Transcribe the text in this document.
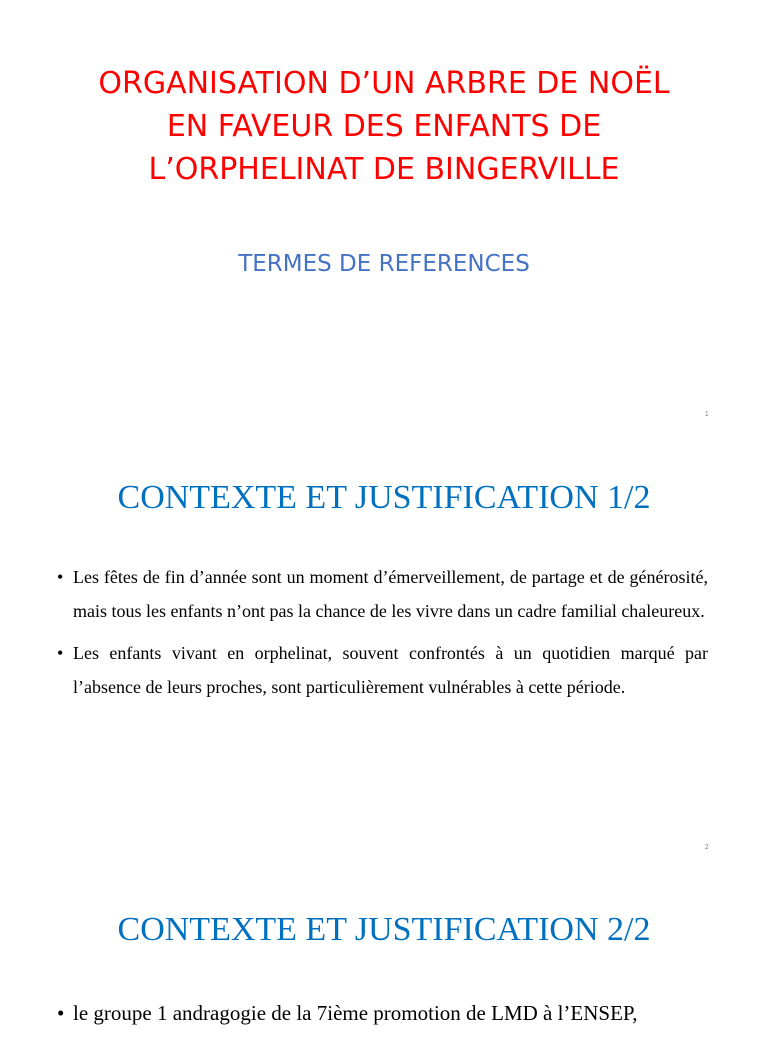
ORGANISATION D’UN ARBRE DE NOËL
EN FAVEUR DES ENFANTS DE
L’ORPHELINAT DE BINGERVILLE

TERMES DE REFERENCES

1
CONTEXTE ET JUSTIFICATION 1/2
• Les fêtes de fin d’année sont un moment d’émerveillement, de partage et de générosité, mais tous les enfants n’ont pas la chance de les vivre dans un cadre familial chaleureux.
• Les enfants vivant en orphelinat, souvent confrontés à un quotidien marqué par l’absence de leurs proches, sont particulièrement vulnérables à cette période.
2
CONTEXTE ET JUSTIFICATION 2/2
• le groupe 1 andragogie de la 7ième promotion de LMD à l’ENSEP,
